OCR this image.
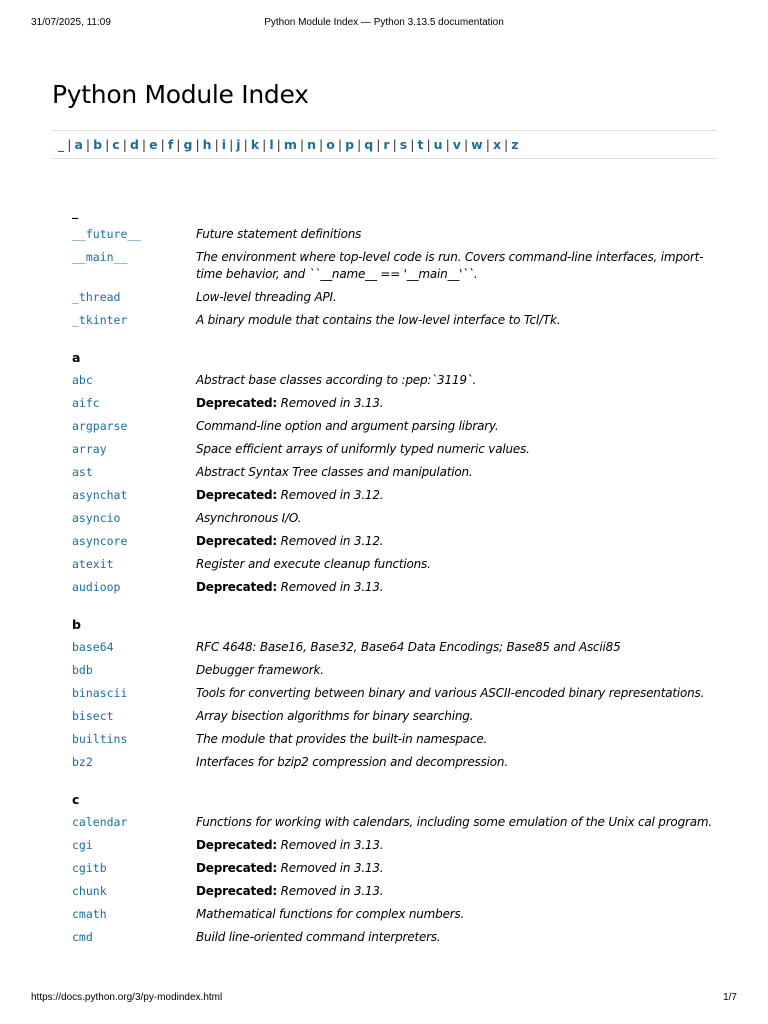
31/07/2025, 11:09	Python Module Index — Python 3.13.5 documentation
Python Module Index
_ | a | b | c | d | e | f | g | h | i | j | k | l | m | n | o | p | q | r | s | t | u | v | w | x | z
_
__future__	Future statement definitions
__main__	The environment where top-level code is run. Covers command-line interfaces, import-time behavior, and ``__name__ == '__main__'``.
_thread	Low-level threading API.
_tkinter	A binary module that contains the low-level interface to Tcl/Tk.
a
abc	Abstract base classes according to :pep:`3119`.
aifc	Deprecated: Removed in 3.13.
argparse	Command-line option and argument parsing library.
array	Space efficient arrays of uniformly typed numeric values.
ast	Abstract Syntax Tree classes and manipulation.
asynchat	Deprecated: Removed in 3.12.
asyncio	Asynchronous I/O.
asyncore	Deprecated: Removed in 3.12.
atexit	Register and execute cleanup functions.
audioop	Deprecated: Removed in 3.13.
b
base64	RFC 4648: Base16, Base32, Base64 Data Encodings; Base85 and Ascii85
bdb	Debugger framework.
binascii	Tools for converting between binary and various ASCII-encoded binary representations.
bisect	Array bisection algorithms for binary searching.
builtins	The module that provides the built-in namespace.
bz2	Interfaces for bzip2 compression and decompression.
c
calendar	Functions for working with calendars, including some emulation of the Unix cal program.
cgi	Deprecated: Removed in 3.13.
cgitb	Deprecated: Removed in 3.13.
chunk	Deprecated: Removed in 3.13.
cmath	Mathematical functions for complex numbers.
cmd	Build line-oriented command interpreters.
https://docs.python.org/3/py-modindex.html	1/7
